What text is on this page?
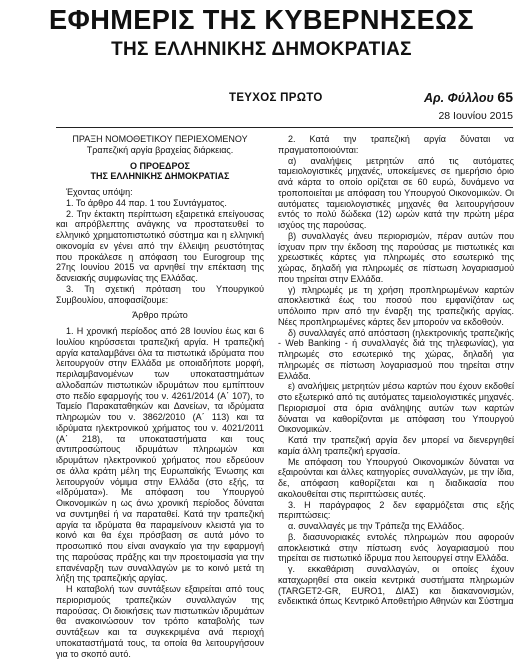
ΕΦΗΜΕΡΙΣ ΤΗΣ ΚΥΒΕΡΝΗΣΕΩΣ
ΤΗΣ ΕΛΛΗΝΙΚΗΣ ΔΗΜΟΚΡΑΤΙΑΣ
ΤΕΥΧΟΣ ΠΡΩΤΟ	Αρ. Φύλλου 65
28 Ιουνίου 2015

ΠΡΑΞΗ ΝΟΜΟΘΕΤΙΚΟΥ ΠΕΡΙΕΧΟΜΕΝΟΥ

Τραπεζική αργία βραχείας διάρκειας.

Ο ΠΡΟΕΔΡΟΣ

ΤΗΣ ΕΛΛΗΝΙΚΗΣ ΔΗΜΟΚΡΑΤΙΑΣ

Έχοντας υπόψη:

1. Το άρθρο 44 παρ. 1 του Συντάγματος.

2. Την έκτακτη περίπτωση εξαιρετικά επείγουσας και απρόβλεπτης ανάγκης να προστατευθεί το ελληνικό χρηματοπιστωτικό σύστημα και η ελληνική οικονομία εν γένει από την έλλειψη ρευστότητας που προκάλεσε η απόφαση του Eurogroup της 27ης Ιουνίου 2015 να αρνηθεί την επέκταση της δανειακής συμφωνίας της Ελλάδας.

3. Τη σχετική πρόταση του Υπουργικού Συμβουλίου, αποφασίζουμε:

Άρθρο πρώτο

1. Η χρονική περίοδος από 28 Ιουνίου έως και 6 Ιουλίου κηρύσσεται τραπεζική αργία. Η τραπεζική αργία καταλαμβάνει όλα τα πιστωτικά ιδρύματα που λειτουργούν στην Ελλάδα με οποιαδήποτε μορφή, περιλαμβανομένων των υποκαταστημάτων αλλοδαπών πιστωτικών ιδρυμάτων που εμπίπτουν στο πεδίο εφαρμογής του ν. 4261/2014 (Α΄ 107), το Ταμείο Παρακαταθηκών και Δανείων, τα ιδρύματα πληρωμών του ν. 3862/2010 (Α΄ 113) και τα ιδρύματα ηλεκτρονικού χρήματος του ν. 4021/2011 (Α΄ 218), τα υποκαταστήματα και τους αντιπροσώπους ιδρυμάτων πληρωμών και ιδρυμάτων ηλεκτρονικού χρήματος που εδρεύουν σε άλλα κράτη μέλη της Ευρωπαϊκής Ένωσης και λειτουργούν νόμιμα στην Ελλάδα (στο εξής, τα «Ιδρύματα»). Με απόφαση του Υπουργού Οικονομικών η ως άνω χρονική περίοδος δύναται να συντμηθεί ή να παραταθεί. Κατά την τραπεζική αργία τα ιδρύματα θα παραμείνουν κλειστά για το κοινό και θα έχει πρόσβαση σε αυτά μόνο το προσωπικό που είναι αναγκαίο για την εφαρμογή της παρούσας πράξης και την προετοιμασία για την επανέναρξη των συναλλαγών με το κοινό μετά τη λήξη της τραπεζικής αργίας.

Η καταβολή των συντάξεων εξαιρείται από τους περιορισμούς τραπεζικών συναλλαγών της παρούσας. Οι διοικήσεις των πιστωτικών ιδρυμάτων θα ανακοινώσουν τον τρόπο καταβολής των συντάξεων και τα συγκεκριμένα ανά περιοχή υποκαταστήματά τους, τα οποία θα λειτουργήσουν για το σκοπό αυτό.

2. Κατά την τραπεζική αργία δύναται να πραγματοποιούνται:

α) αναλήψεις μετρητών από τις αυτόματες ταμειολογιστικές μηχανές, υποκείμενες σε ημερήσιο όριο ανά κάρτα το οποίο ορίζεται σε 60 ευρώ, δυνάμενο να τροποποιείται με απόφαση του Υπουργού Οικονομικών. Οι αυτόματες ταμειολογιστικές μηχανές θα λειτουργήσουν εντός το πολύ δώδεκα (12) ωρών κατά την πρώτη μέρα ισχύος της παρούσας.

β) συναλλαγές άνευ περιορισμών, πέραν αυτών που ίσχυαν πριν την έκδοση της παρούσας με πιστωτικές και χρεωστικές κάρτες για πληρωμές στο εσωτερικό της χώρας, δηλαδή για πληρωμές σε πίστωση λογαριασμού που τηρείται στην Ελλάδα.

γ) πληρωμές με τη χρήση προπληρωμένων καρτών αποκλειστικά έως του ποσού που εμφανίζόταν ως υπόλοιπο πριν από την έναρξη της τραπεζικής αργίας. Νέες προπληρωμένες κάρτες δεν μπορούν να εκδοθούν.

δ) συναλλαγές από απόσταση (ηλεκτρονικής τραπεζικής - Web Banking - ή συναλλαγές διά της τηλεφωνίας), για πληρωμές στο εσωτερικό της χώρας, δηλαδή για πληρωμές σε πίστωση λογαριασμού που τηρείται στην Ελλάδα.

ε) αναλήψεις μετρητών μέσω καρτών που έχουν εκδοθεί στο εξωτερικό από τις αυτόματες ταμειολογιστικές μηχανές. Περιορισμοί στα όρια ανάληψης αυτών των καρτών δύναται να καθορίζονται με απόφαση του Υπουργού Οικονομικών.

Κατά την τραπεζική αργία δεν μπορεί να διενεργηθεί καμία άλλη τραπεζική εργασία.

Με απόφαση του Υπουργού Οικονομικών δύναται να εξαιρούνται και άλλες κατηγορίες συναλλαγών, με την ίδια, δε, απόφαση καθορίζεται και η διαδικασία που ακολουθείται στις περιπτώσεις αυτές.

3. Η παράγραφος 2 δεν εφαρμόζεται στις εξής περιπτώσεις:

α. συναλλαγές με την Τράπεζα της Ελλάδος.

β. διασυνοριακές εντολές πληρωμών που αφορούν αποκλειστικά στην πίστωση ενός λογαριασμού που τηρείται σε πιστωτικό ίδρυμα που λειτουργεί στην Ελλάδα.

γ. εκκαθάριση συναλλαγών, οι οποίες έχουν καταχωρηθεί στα οικεία κεντρικά συστήματα πληρωμών (TARGET2-GR, EURO1, ΔΙΑΣ) και διακανονισμών, ενδεικτικά όπως Κεντρικό Αποθετήριο Αθηνών και Σύστημα
